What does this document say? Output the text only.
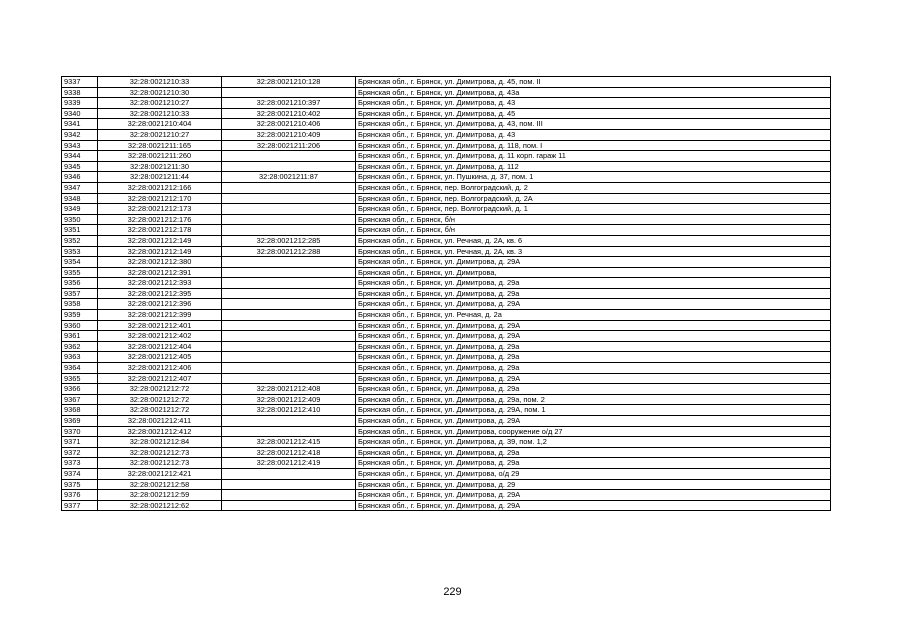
9337	32:28:0021210:33	32:28:0021210:128	Брянская обл., г. Брянск, ул. Димитрова, д. 45, пом. II
9338	32:28:0021210:30		Брянская обл., г. Брянск, ул. Димитрова, д. 43а
9339	32:28:0021210:27	32:28:0021210:397	Брянская обл., г. Брянск, ул. Димитрова, д. 43
9340	32:28:0021210:33	32:28:0021210:402	Брянская обл., г. Брянск, ул. Димитрова, д. 45
9341	32:28:0021210:404	32:28:0021210:406	Брянская обл., г. Брянск, ул. Димитрова, д. 43, пом. III
9342	32:28:0021210:27	32:28:0021210:409	Брянская обл., г. Брянск, ул. Димитрова, д. 43
9343	32:28:0021211:165	32:28:0021211:206	Брянская обл., г. Брянск, ул. Димитрова, д. 118, пом. I
9344	32:28:0021211:260		Брянская обл., г. Брянск, ул. Димитрова, д. 11 корп. гараж 11
9345	32:28:0021211:30		Брянская обл., г. Брянск, ул. Димитрова, д. 112
9346	32:28:0021211:44	32:28:0021211:87	Брянская обл., г. Брянск, ул. Пушкина, д. 37, пом. 1
9347	32:28:0021212:166		Брянская обл., г. Брянск, пер. Волгоградский, д. 2
9348	32:28:0021212:170		Брянская обл., г. Брянск, пер. Волгоградский, д. 2А
9349	32:28:0021212:173		Брянская обл., г. Брянск, пер. Волгоградский, д. 1
9350	32:28:0021212:176		Брянская обл., г. Брянск, б/н
9351	32:28:0021212:178		Брянская обл., г. Брянск, б/н
9352	32:28:0021212:149	32:28:0021212:285	Брянская обл., г. Брянск, ул. Речная, д. 2А, кв. 6
9353	32:28:0021212:149	32:28:0021212:288	Брянская обл., г. Брянск, ул. Речная, д. 2А, кв. 3
9354	32:28:0021212:380		Брянская обл., г. Брянск, ул. Димитрова, д. 29А
9355	32:28:0021212:391		Брянская обл., г. Брянск, ул. Димитрова,
9356	32:28:0021212:393		Брянская обл., г. Брянск, ул. Димитрова, д. 29а
9357	32:28:0021212:395		Брянская обл., г. Брянск, ул. Димитрова, д. 29а
9358	32:28:0021212:396		Брянская обл., г. Брянск, ул. Димитрова, д. 29А
9359	32:28:0021212:399		Брянская обл., г. Брянск, ул. Речная, д. 2а
9360	32:28:0021212:401		Брянская обл., г. Брянск, ул. Димитрова, д. 29А
9361	32:28:0021212:402		Брянская обл., г. Брянск, ул. Димитрова, д. 29А
9362	32:28:0021212:404		Брянская обл., г. Брянск, ул. Димитрова, д. 29а
9363	32:28:0021212:405		Брянская обл., г. Брянск, ул. Димитрова, д. 29а
9364	32:28:0021212:406		Брянская обл., г. Брянск, ул. Димитрова, д. 29а
9365	32:28:0021212:407		Брянская обл., г. Брянск, ул. Димитрова, д. 29А
9366	32:28:0021212:72	32:28:0021212:408	Брянская обл., г. Брянск, ул. Димитрова, д. 29а
9367	32:28:0021212:72	32:28:0021212:409	Брянская обл., г. Брянск, ул. Димитрова, д. 29а, пом. 2
9368	32:28:0021212:72	32:28:0021212:410	Брянская обл., г. Брянск, ул. Димитрова, д. 29А, пом. 1
9369	32:28:0021212:411		Брянская обл., г. Брянск, ул. Димитрова, д. 29А
9370	32:28:0021212:412		Брянская обл., г. Брянск, ул. Димитрова, сооружение о/д 27
9371	32:28:0021212:84	32:28:0021212:415	Брянская обл., г. Брянск, ул. Димитрова, д. 39, пом. 1,2
9372	32:28:0021212:73	32:28:0021212:418	Брянская обл., г. Брянск, ул. Димитрова, д. 29а
9373	32:28:0021212:73	32:28:0021212:419	Брянская обл., г. Брянск, ул. Димитрова, д. 29а
9374	32:28:0021212:421		Брянская обл., г. Брянск, ул. Димитрова, о/д 29
9375	32:28:0021212:58		Брянская обл., г. Брянск, ул. Димитрова, д. 29
9376	32:28:0021212:59		Брянская обл., г. Брянск, ул. Димитрова, д. 29А
9377	32:28:0021212:62		Брянская обл., г. Брянск, ул. Димитрова, д. 29А
229
